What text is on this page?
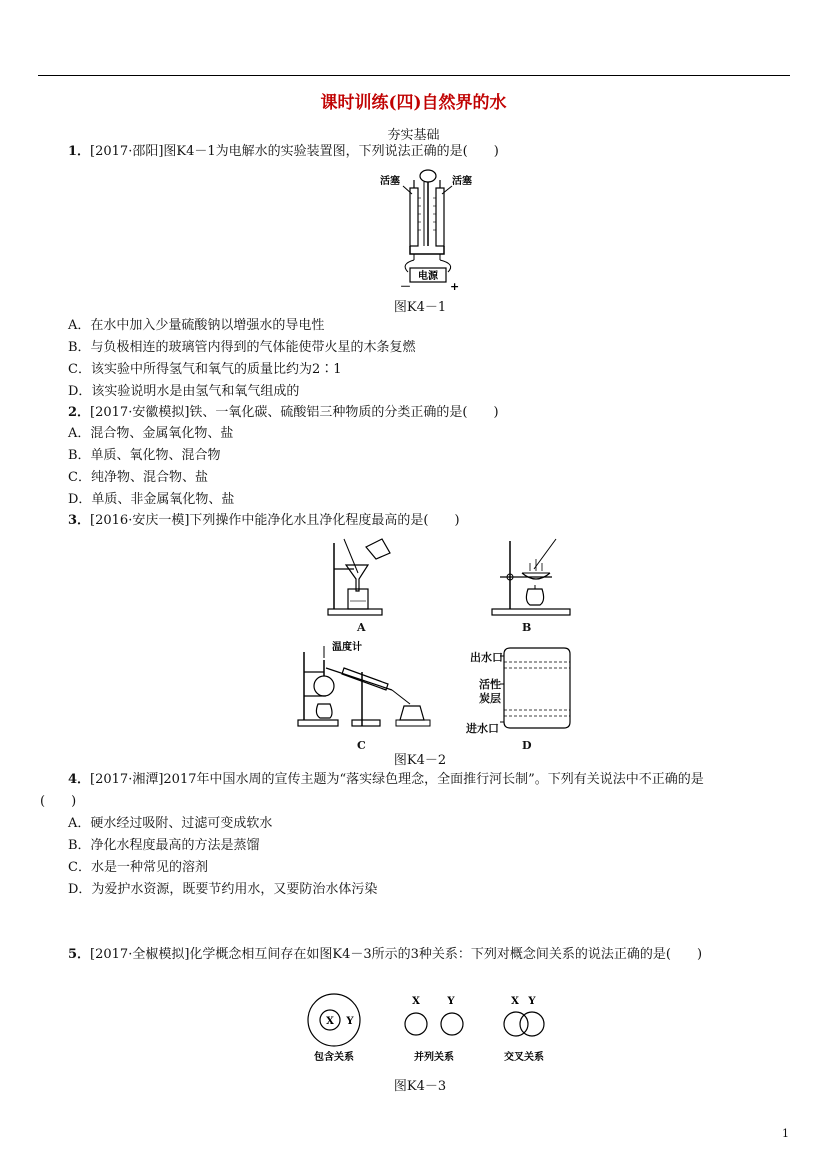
课时训练(四)自然界的水
夯实基础
1．[2017·邵阳]图K4－1为电解水的实验装置图，下列说法正确的是(　　)
活塞	活塞
电源
－	+
图K4－1
A．在水中加入少量硫酸钠以增强水的导电性
B．与负极相连的玻璃管内得到的气体能使带火星的木条复燃
C．该实验中所得氢气和氧气的质量比约为2∶1
D．该实验说明水是由氢气和氧气组成的
2．[2017·安徽模拟]铁、一氧化碳、硫酸铝三种物质的分类正确的是(　　)
A．混合物、金属氧化物、盐
B．单质、氧化物、混合物
C．纯净物、混合物、盐
D．单质、非金属氧化物、盐
3．[2016·安庆一模]下列操作中能净化水且净化程度最高的是(　　)
A	B
温度计
C
出水口
活性
炭层
进水口
D
图K4－2
4．[2017·湘潭]2017年中国水周的宣传主题为“落实绿色理念，全面推行河长制”。下列有关说法中不正确的是
(　　)
A．硬水经过吸附、过滤可变成软水
B．净化水程度最高的方法是蒸馏
C．水是一种常见的溶剂
D．为爱护水资源，既要节约用水，又要防治水体污染
5．[2017·全椒模拟]化学概念相互间存在如图K4－3所示的3种关系：下列对概念间关系的说法正确的是(　　)
X Y
包含关系
X	Y
并列关系
X Y
交叉关系
图K4－3
1
